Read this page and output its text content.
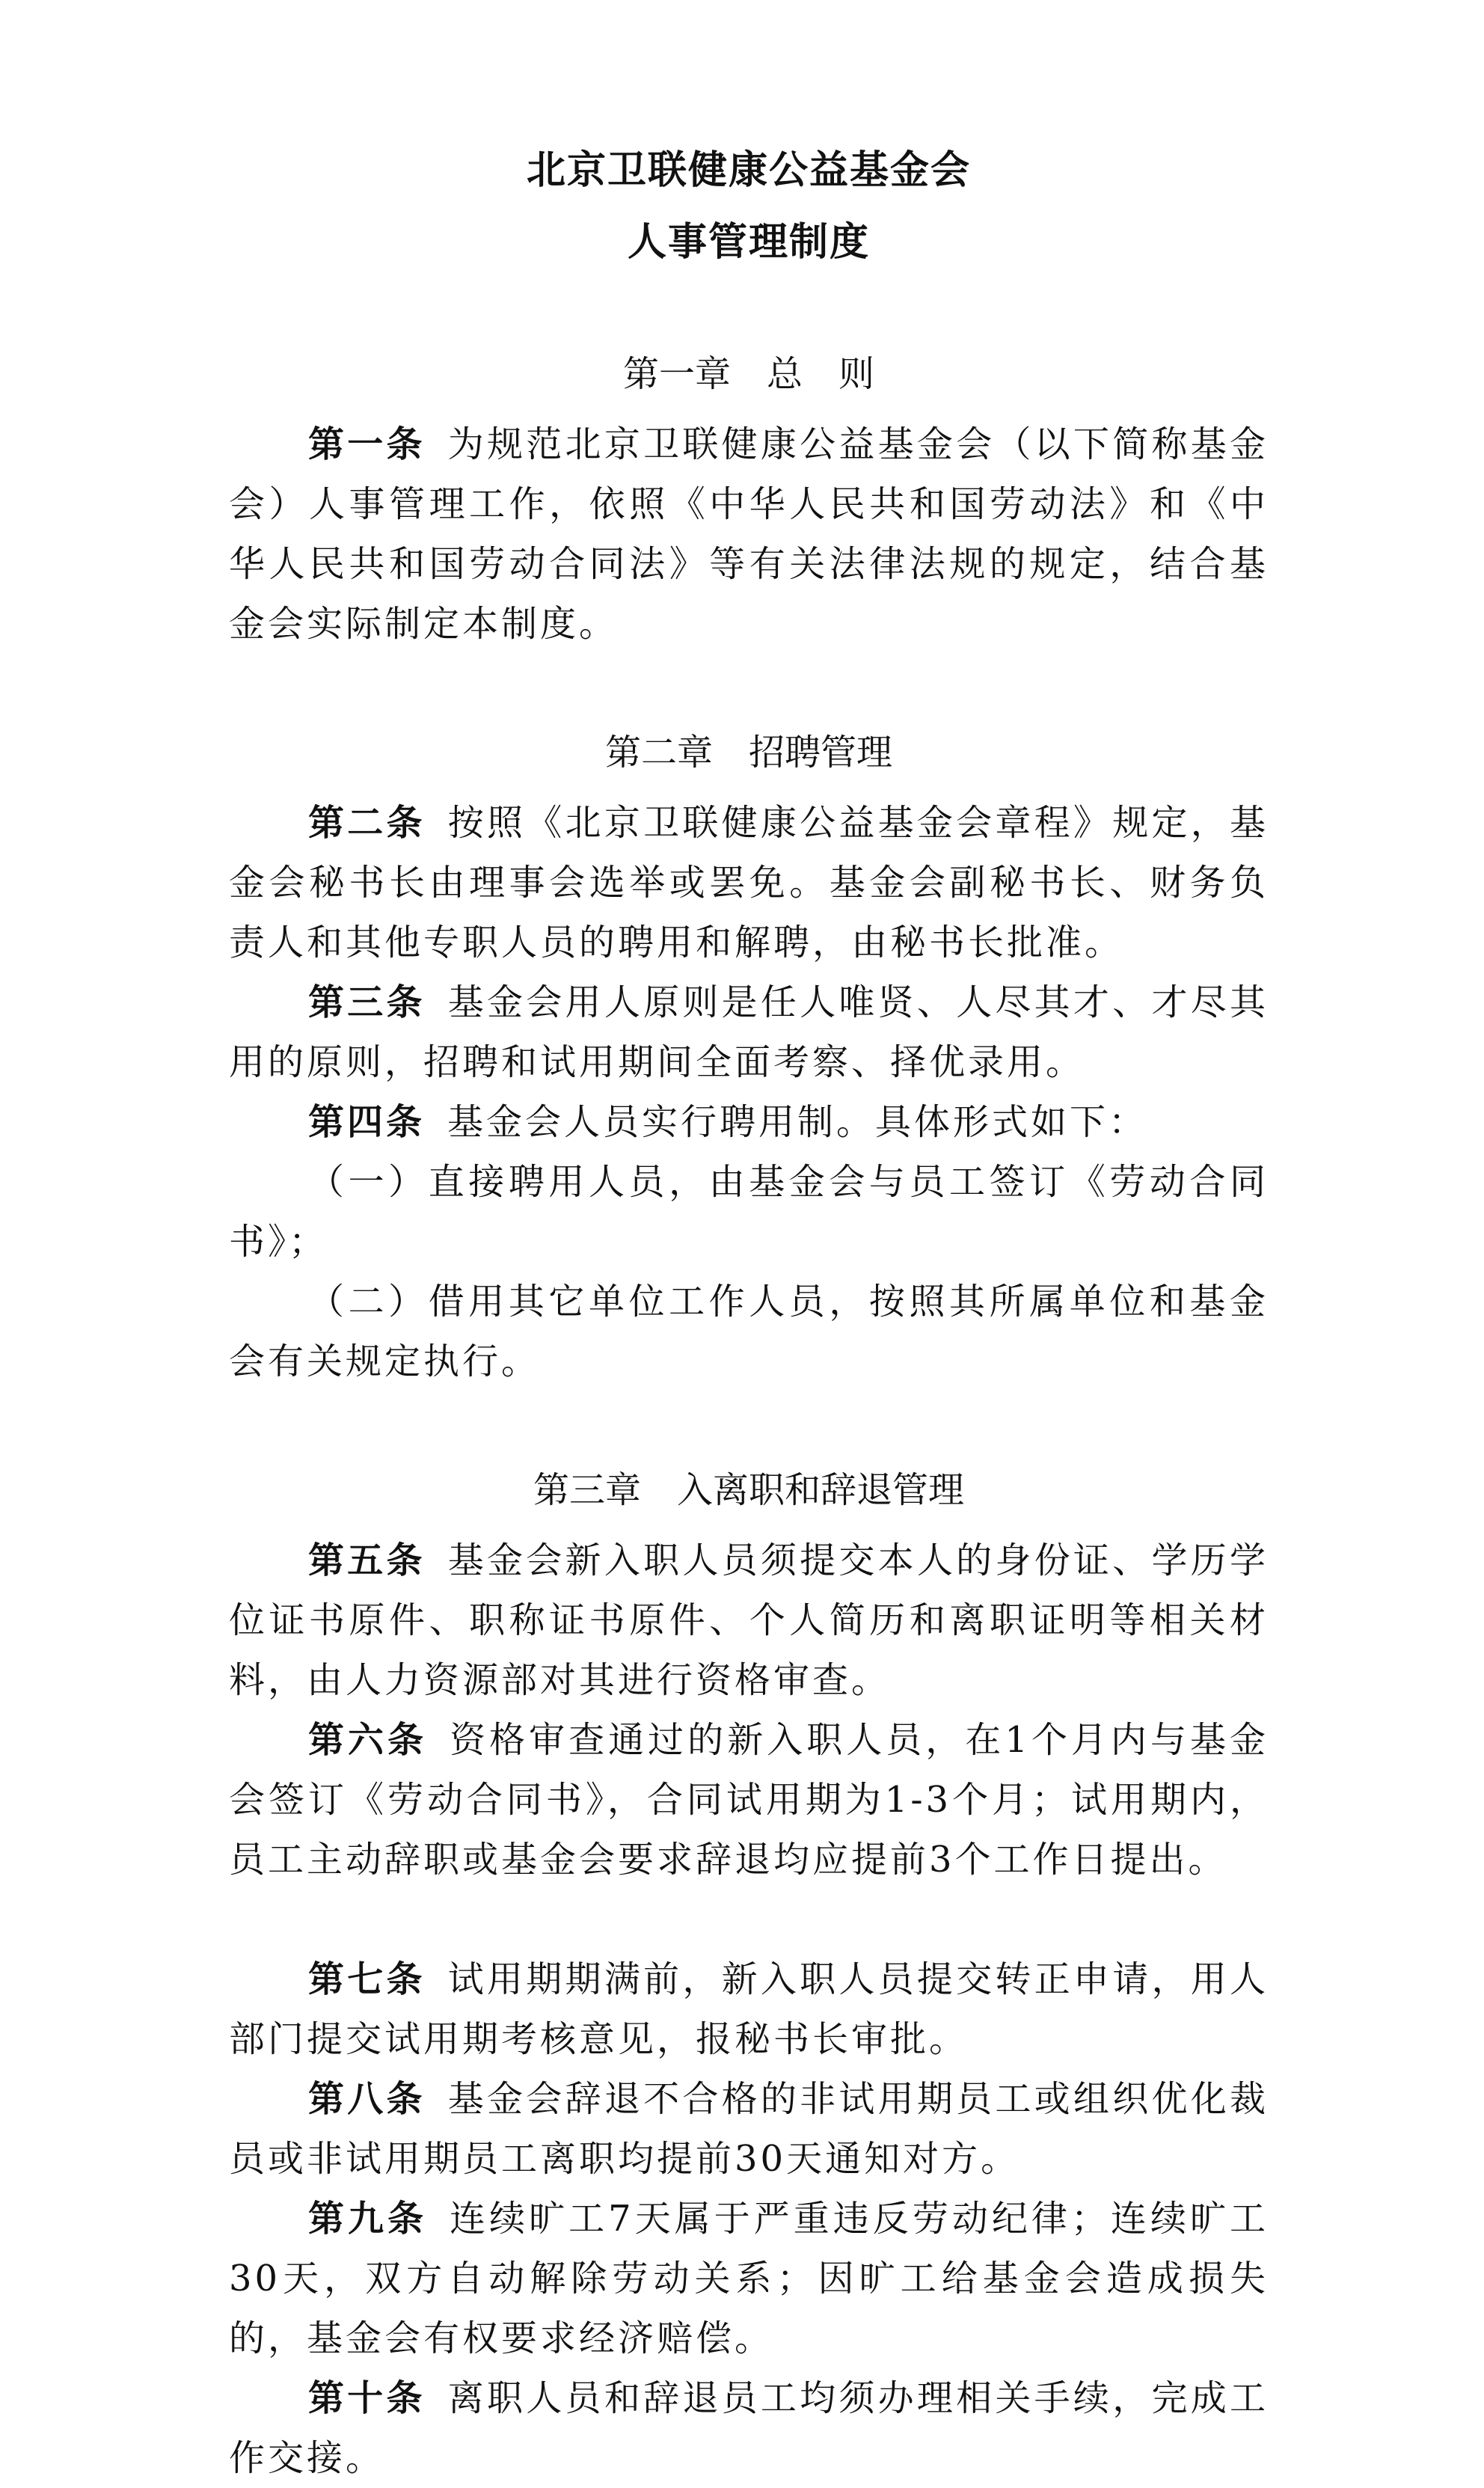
北京卫联健康公益基金会

人事管理制度

第一章　总　则

第一条 为规范北京卫联健康公益基金会（以下简称基金会）人事管理工作，依照《中华人民共和国劳动法》和《中华人民共和国劳动合同法》等有关法律法规的规定，结合基金会实际制定本制度。

第二章　招聘管理

第二条 按照《北京卫联健康公益基金会章程》规定，基金会秘书长由理事会选举或罢免。基金会副秘书长、财务负责人和其他专职人员的聘用和解聘，由秘书长批准。

第三条 基金会用人原则是任人唯贤、人尽其才、才尽其用的原则，招聘和试用期间全面考察、择优录用。

第四条 基金会人员实行聘用制。具体形式如下：

（一）直接聘用人员，由基金会与员工签订《劳动合同书》；

（二）借用其它单位工作人员，按照其所属单位和基金会有关规定执行。

第三章　入离职和辞退管理

第五条 基金会新入职人员须提交本人的身份证、学历学位证书原件、职称证书原件、个人简历和离职证明等相关材料，由人力资源部对其进行资格审查。

第六条 资格审查通过的新入职人员，在1个月内与基金会签订《劳动合同书》，合同试用期为1-3个月；试用期内，员工主动辞职或基金会要求辞退均应提前3个工作日提出。

第七条 试用期期满前，新入职人员提交转正申请，用人部门提交试用期考核意见，报秘书长审批。

第八条 基金会辞退不合格的非试用期员工或组织优化裁员或非试用期员工离职均提前30天通知对方。

第九条 连续旷工7天属于严重违反劳动纪律；连续旷工30天，双方自动解除劳动关系；因旷工给基金会造成损失的，基金会有权要求经济赔偿。

第十条 离职人员和辞退员工均须办理相关手续，完成工作交接。
